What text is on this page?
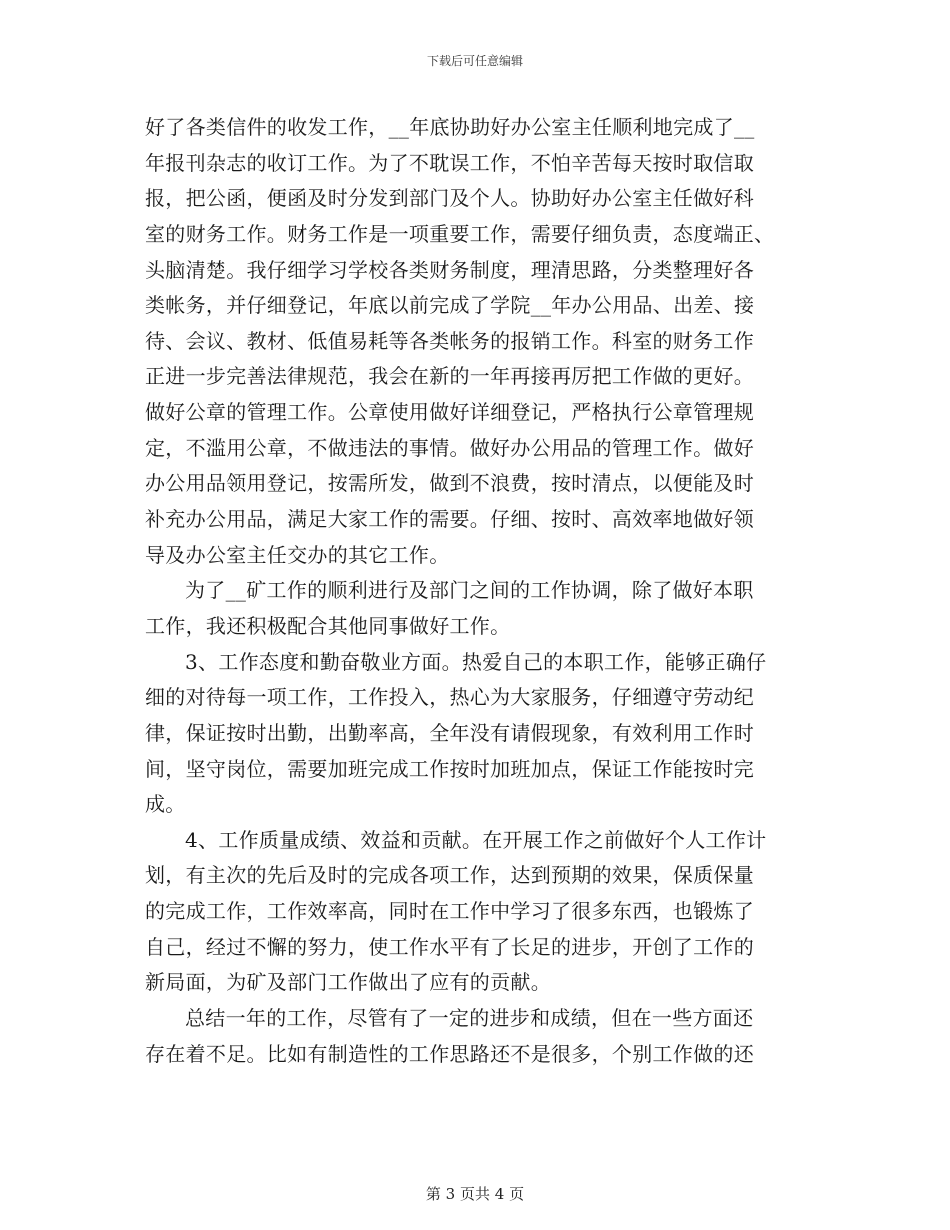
下载后可任意编辑
好了各类信件的收发工作，__年底协助好办公室主任顺利地完成了__
年报刊杂志的收订工作。为了不耽误工作，不怕辛苦每天按时取信取
报，把公函，便函及时分发到部门及个人。协助好办公室主任做好科
室的财务工作。财务工作是一项重要工作，需要仔细负责，态度端正、
头脑清楚。我仔细学习学校各类财务制度，理清思路，分类整理好各
类帐务，并仔细登记，年底以前完成了学院__年办公用品、出差、接
待、会议、教材、低值易耗等各类帐务的报销工作。科室的财务工作
正进一步完善法律规范，我会在新的一年再接再厉把工作做的更好。
做好公章的管理工作。公章使用做好详细登记，严格执行公章管理规
定，不滥用公章，不做违法的事情。做好办公用品的管理工作。做好
办公用品领用登记，按需所发，做到不浪费，按时清点，以便能及时
补充办公用品，满足大家工作的需要。仔细、按时、高效率地做好领
导及办公室主任交办的其它工作。
为了__矿工作的顺利进行及部门之间的工作协调，除了做好本职
工作，我还积极配合其他同事做好工作。
3、工作态度和勤奋敬业方面。热爱自己的本职工作，能够正确仔
细的对待每一项工作，工作投入，热心为大家服务，仔细遵守劳动纪
律，保证按时出勤，出勤率高，全年没有请假现象，有效利用工作时
间，坚守岗位，需要加班完成工作按时加班加点，保证工作能按时完
成。
4、工作质量成绩、效益和贡献。在开展工作之前做好个人工作计
划，有主次的先后及时的完成各项工作，达到预期的效果，保质保量
的完成工作，工作效率高，同时在工作中学习了很多东西，也锻炼了
自己，经过不懈的努力，使工作水平有了长足的进步，开创了工作的
新局面，为矿及部门工作做出了应有的贡献。
总结一年的工作，尽管有了一定的进步和成绩，但在一些方面还
存在着不足。比如有制造性的工作思路还不是很多，个别工作做的还
第 3 页共 4 页
